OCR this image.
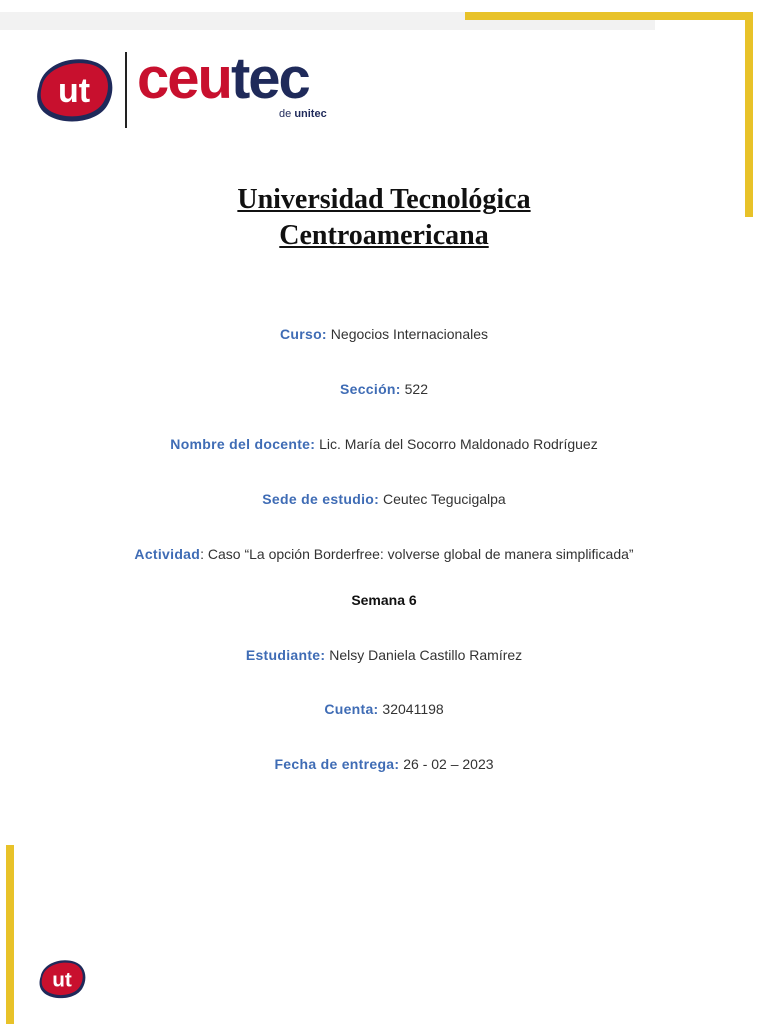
ut ceutec
de unitec
Universidad Tecnológica
Centroamericana
Curso: Negocios Internacionales
Sección: 522
Nombre del docente: Lic. María del Socorro Maldonado Rodríguez
Sede de estudio: Ceutec Tegucigalpa
Actividad: Caso “La opción Borderfree: volverse global de manera simplificada”
Semana 6
Estudiante: Nelsy Daniela Castillo Ramírez
Cuenta: 32041198
Fecha de entrega: 26 - 02 – 2023
ut
